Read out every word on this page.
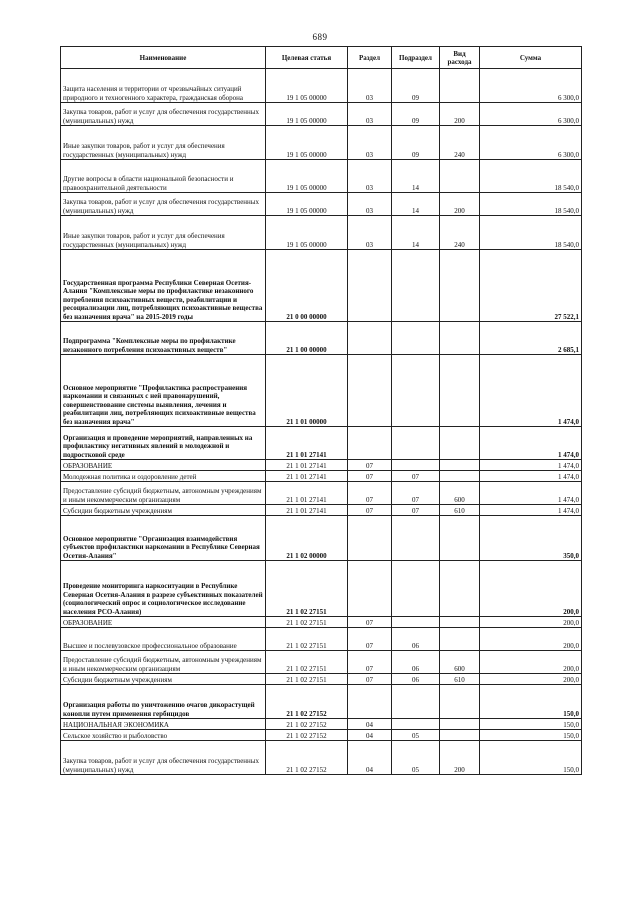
689
Наименование	Целевая статья	Раздел	Подраздел	Вид расхода	Сумма
Защита населения и территории от чрезвычайных ситуаций природного и техногенного характера, гражданская оборона	19 1 05 00000	03	09		6 300,0
Закупка товаров, работ и услуг для обеспечения государственных (муниципальных) нужд	19 1 05 00000	03	09	200	6 300,0
Иные закупки товаров, работ и услуг для обеспечения государственных (муниципальных) нужд	19 1 05 00000	03	09	240	6 300,0
Другие вопросы в области национальной безопасности и правоохранительной деятельности	19 1 05 00000	03	14		18 540,0
Закупка товаров, работ и услуг для обеспечения государственных (муниципальных) нужд	19 1 05 00000	03	14	200	18 540,0
Иные закупки товаров, работ и услуг для обеспечения государственных (муниципальных) нужд	19 1 05 00000	03	14	240	18 540,0
Государственная программа Республики Северная Осетия-Алания "Комплексные меры по профилактике незаконного потребления психоактивных веществ, реабилитации и ресоциализации лиц, потребляющих психоактивные вещества без назначения врача" на 2015-2019 годы	21 0 00 00000				27 522,1
Подпрограмма "Комплексные меры по профилактике незаконного потребления психоактивных веществ"	21 1 00 00000				2 685,1
Основное мероприятие "Профилактика распространения наркомании и связанных с ней правонарушений, совершенствование системы выявления, лечения и реабилитации лиц, потребляющих психоактивные вещества без назначения врача"	21 1 01 00000				1 474,0
Организация и проведение мероприятий, направленных на профилактику негативных явлений в молодежной и подростковой среде	21 1 01 27141				1 474,0
ОБРАЗОВАНИЕ	21 1 01 27141	07			1 474,0
Молодежная политика и оздоровление детей	21 1 01 27141	07	07		1 474,0
Предоставление субсидий бюджетным, автономным учреждениям и иным некоммерческим организациям	21 1 01 27141	07	07	600	1 474,0
Субсидии бюджетным учреждениям	21 1 01 27141	07	07	610	1 474,0
Основное мероприятие "Организация взаимодействия субъектов профилактики наркомании в Республике Северная Осетия-Алания"	21 1 02 00000				350,0
Проведение мониторинга наркоситуации в Республике Северная Осетия-Алания в разрезе субъективных показателей (социологический опрос и социологическое исследование населения РСО-Алания)	21 1 02 27151				200,0
ОБРАЗОВАНИЕ	21 1 02 27151	07			200,0
Высшее и послевузовское профессиональное образование	21 1 02 27151	07	06		200,0
Предоставление субсидий бюджетным, автономным учреждениям и иным некоммерческим организациям	21 1 02 27151	07	06	600	200,0
Субсидии бюджетным учреждениям	21 1 02 27151	07	06	610	200,0
Организация работы по уничтожению очагов дикорастущей конопли путем применения гербицидов	21 1 02 27152				150,0
НАЦИОНАЛЬНАЯ ЭКОНОМИКА	21 1 02 27152	04			150,0
Сельское хозяйство и рыболовство	21 1 02 27152	04	05		150,0
Закупка товаров, работ и услуг для обеспечения государственных (муниципальных) нужд	21 1 02 27152	04	05	200	150,0
